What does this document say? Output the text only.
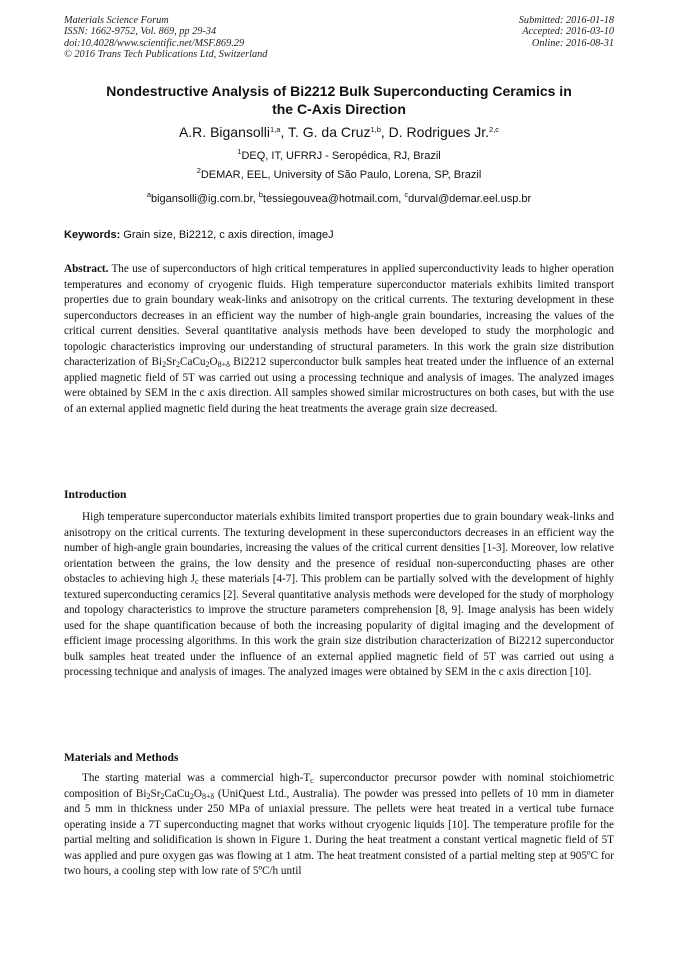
Materials Science Forum
ISSN: 1662-9752, Vol. 869, pp 29-34
doi:10.4028/www.scientific.net/MSF.869.29
© 2016 Trans Tech Publications Ltd, Switzerland
Submitted: 2016-01-18
Accepted: 2016-03-10
Online: 2016-08-31
Nondestructive Analysis of Bi2212 Bulk Superconducting Ceramics in
the C-Axis Direction
A.R. Bigansolli$^{1,a}$, T. G. da Cruz$^{1,b}$, D. Rodrigues Jr.$^{2,c}$
$^1$DEQ, IT, UFRRJ - Seropédica, RJ, Brazil
$^2$DEMAR, EEL, University of São Paulo, Lorena, SP, Brazil
$^a$bigansolli@ig.com.br, $^b$tessiegouvea@hotmail.com, $^c$durval@demar.eel.usp.br
Keywords: Grain size, Bi2212, c axis direction, imageJ
Abstract. The use of superconductors of high critical temperatures in applied superconductivity leads to higher operation temperatures and economy of cryogenic fluids. High temperature superconductor materials exhibits limited transport properties due to grain boundary weak-links and anisotropy on the critical currents. The texturing development in these superconductors decreases in an efficient way the number of high-angle grain boundaries, increasing the values of the critical current densities. Several quantitative analysis methods have been developed to study the morphologic and topologic characteristics improving our understanding of structural parameters. In this work the grain size distribution characterization of $Bi_2Sr_2CaCu_2O_{8+\delta}$ Bi2212 superconductor bulk samples heat treated under the influence of an external applied magnetic field of 5T was carried out using a processing technique and analysis of images. The analyzed images were obtained by SEM in the c axis direction. All samples showed similar microstructures on both cases, but with the use of an external applied magnetic field during the heat treatments the average grain size decreased.
Introduction
High temperature superconductor materials exhibits limited transport properties due to grain boundary weak-links and anisotropy on the critical currents. The texturing development in these superconductors decreases in an efficient way the number of high-angle grain boundaries, increasing the values of the critical current densities [1-3]. Moreover, low relative orientation between the grains, the low density and the presence of residual non-superconducting phases are other obstacles to achieving high $J_c$ these materials [4-7]. This problem can be partially solved with the development of highly textured superconducting ceramics [2]. Several quantitative analysis methods were developed for the study of morphology and topology characteristics to improve the structure parameters comprehension [8, 9]. Image analysis has been widely used for the shape quantification because of both the increasing popularity of digital imaging and the development of efficient image processing algorithms. In this work the grain size distribution characterization of Bi2212 superconductor bulk samples heat treated under the influence of an external applied magnetic field of 5T was carried out using a processing technique and analysis of images. The analyzed images were obtained by SEM in the c axis direction [10].
Materials and Methods
The starting material was a commercial high-$T_c$ superconductor precursor powder with nominal stoichiometric composition of $Bi_2Sr_2CaCu_2O_{8+\delta}$ (UniQuest Ltd., Australia). The powder was pressed into pellets of 10 mm in diameter and 5 mm in thickness under 250 MPa of uniaxial pressure. The pellets were heat treated in a vertical tube furnace operating inside a 7T superconducting magnet that works without cryogenic liquids [10]. The temperature profile for the partial melting and solidification is shown in Figure 1. During the heat treatment a constant vertical magnetic field of 5T was applied and pure oxygen gas was flowing at 1 atm. The heat treatment consisted of a partial melting step at 905ºC for two hours, a cooling step with low rate of 5ºC/h until
